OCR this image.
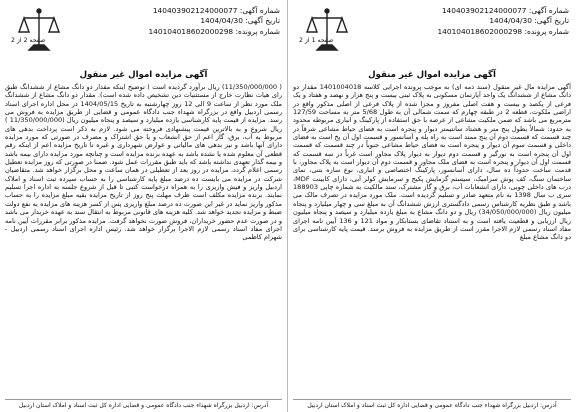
شماره آگهی: 140403902124000077
تاریخ آگهی: 1404/04/30
شماره پرونده: 140104018602000298
صفحه 2 از 2
آگهی مزایده اموال غیر منقول
( 11/350/000/000) ریال برآورد گردیده است ( توضیح اینکه مقدار دو دانگ مشاع از ششدانگ طبق رای هیات نظارت خارج از مستثنیات دین تشخیص داده شده است). مقدار دو دانگ مشاع از ششدانگ ملک مورد نظر از ساعت 9 الی 12 روز چهارشنبه به تاریخ 1404/05/15 در محل اداره اجرای اسناد رسمی اردبیل واقع در بزرگراه شهداء جنب دادگاه عمومی و قضایی از طریق مزایده به فروش می رسد. مزایده از قیمت پایه کارشناسی یازده میلیارد و سیصد و پنجاه میلیون ریال (11/350/000/000 ) ریال شروع و به بالاترین قیمت پیشنهادی فروخته می شود. لازم به ذکر است پرداخت بدهی های مربوط به آب، برق، گاز اعم از حق انشعاب و یا حق اشتراک و مصرف در صورتی که مورد مزایده دارای آنها باشد و نیز بدهی های مالیاتی و عوارض شهرداری و غیره تا تاریخ مزایده اعم از اینکه رقم قطعی آن معلوم شده یا نشده باشد به عهده برنده مزایده است و چنانچه مورد مزایده دارای بیمه باشد و بیمه گذار تعهدی نداشته باشد که باید طبق مقررات عمل شود. ضمنا در صورتی که روز مزایده تعطیل رسمی اعلام گردد، مزایده در روز بعد از تعطیلی در همان ساعت و محل برگزار خواهد شد. متقاضیان شرکت در مزایده می بایست ده درصد مبلغ پایه کارشناسی را به حساب سپرده ثبت اسناد و املاک اردبیل واریز و فیش واریزی را به همراه درخواست کتبی تا قبل از شروع جلسه به اداره اجرا تسلیم نمایند. برنده مزایده مکلف است ظرف مهلت پنج روز از تاریخ مزایده بقیه مبلغ مزایده را به حساب مذکور واریز نماید در غیر این صورت ده درصد مبلغ واریزی پس از کسر هزینه های مزایده به نفع دولت ضبط و مزایده تجدید خواهد شد. کلیه هزینه های قانونی مربوط به انتقال سند به عهده خریدار می باشد و در صورت عدم حضور خریداران، فروش صورت نخواهد گرفت. مزایده مذکور برابر مقررات آیین نامه اجرای مفاد اسناد رسمی لازم الاجرا برگزار خواهد شد. رئیس اداره اجرای اسناد رسمی اردبیل - شهرام کاظمی
آدرس: اردبیل بزرگراه شهداء جنب دادگاه عمومی و قضایی اداره کل ثبت اسناد و املاک استان اردبیل
شماره آگهی: 140403902124000077
تاریخ آگهی: 1404/04/30
شماره پرونده: 140104018602000298
صفحه 1 از 2
آگهی مزایده اموال غیر منقول
آگهی مزایده مال غیر منقول (سند ذمه ای) به موجب پرونده اجرایی کلاسه 1401004018 مقدار دو دانگ مشاع از ششدانگ یک واحد آپارتمان مسکونی به پلاک ثبتی بیست و پنج هزار و نهصد و هفتاد و یک فرعی از یکصد و بیست و هفت اصلی مفروز و مجزا شده از پلاک فرعی از اصلی مذکور واقع در اراضی ملکوت، قطعه 2 در طبقه چهارم که سمت شمالی آن به طول 5/68 متر به مساحت 127/59 مترمربع می باشد که ضمن ملکیت مشاعی از عرصه با حق استفاده از پارکینگ و انباری مربوطه محدود به حدود: شمالاً بطول پنج متر و هشتاد سانتیمتر دیوار و پنجره است به فضای حیاط مشاعی شرقاً در چند قسمت که قسمت دوم آن پنج ممتد است به راه پله و آسانسور و قسمت اول آن پخ است به فضای داخلی و قسمت سوم آن دیوار و پنجره است به فضای حیاط مشاعی جنوباً در چند قسمت که قسمت اول آن پنجره است به نورگیر و قسمت دوم دیوار به دیوار پلاک مجاور است غرباً در سه قسمت که قسمت اول آن دیوار و پنجره است به فضای ملک مجاور و قسمت دوم آن دیوار است به پلاک مجاور، با قدمت ساخت حدوداً ده سال، دارای آسانسور، پارکینگ اختصاصی و انباری، نوع سازه بتنی، نمای ساختمان سنگ، کف پوش سرامیک، سیستم گرمایش پکیج و سرمایش کولر آبی، دارای کابینت MDF، درب های داخلی چوبی، دارای انشعابات آب، برق و گاز مشترک، سند مالکیت به شماره چاپی 188903 سری ب سال 1398 به نام متعهد صادر و تسلیم گردیده است. ملک مورد مزایده در تصرف مالک می باشد و طبق نظریه کارشناس رسمی دادگستری ارزش ششدانگ آن به مبلغ سی و چهار میلیارد و پنجاه میلیون ریال (34/050/000/000) ریال و دو دانگ مشاع به مبلغ یازده میلیارد و سیصد و پنجاه میلیون ریال ارزیابی و قطعیت یافته است و به استناد تقاضای بستانکار و مواد 121 و 136 آیین نامه اجرای مفاد اسناد رسمی لازم الاجرا مقرر است از طریق مزایده به فروش برسد. قیمت پایه کارشناسی برای دو دانگ مشاع مبلغ
آدرس: اردبیل بزرگراه شهداء جنب دادگاه عمومی و قضایی اداره کل ثبت اسناد و املاک استان اردبیل
